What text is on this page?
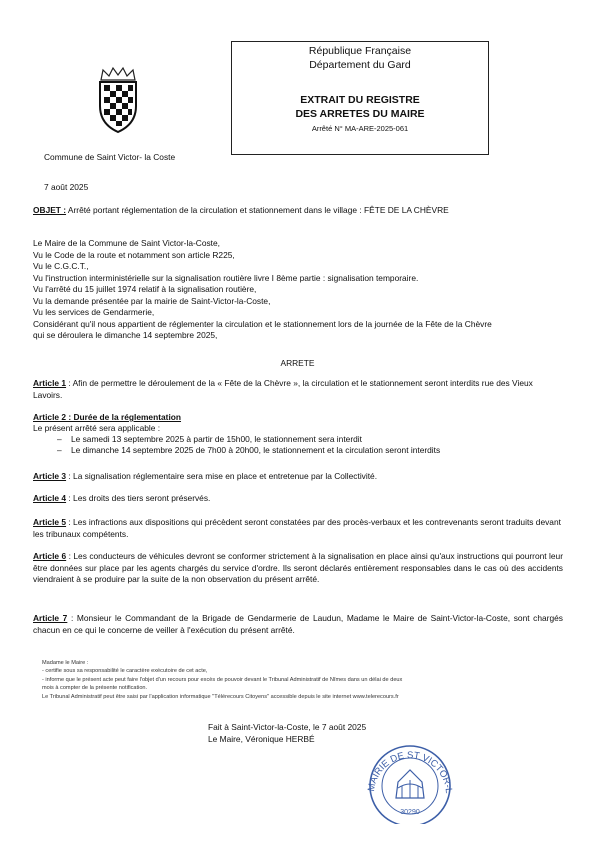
République Française
Département du Gard
EXTRAIT DU REGISTRE
DES ARRETES DU MAIRE
Arrêté N° MA-ARE-2025-061
Commune de Saint Victor- la Coste
7 août 2025
OBJET : Arrêté portant réglementation de la circulation et stationnement dans le village : FÊTE DE LA CHÈVRE
Le Maire de la Commune de Saint Victor-la-Coste,
Vu le Code de la route et notamment son article R225,
Vu le C.G.C.T.,
Vu l'instruction interministérielle sur la signalisation routière livre I 8ème partie : signalisation temporaire.
Vu l'arrêté du 15 juillet 1974 relatif à la signalisation routière,
Vu la demande présentée par la mairie de Saint-Victor-la-Coste,
Vu les services de Gendarmerie,
Considérant qu'il nous appartient de réglementer la circulation et le stationnement lors de la journée de la Fête de la Chèvre
qui se déroulera le dimanche 14 septembre 2025,
ARRETE
Article 1 : Afin de permettre le déroulement de la « Fête de la Chèvre », la circulation et le stationnement seront interdits rue des Vieux Lavoirs.
Article 2 : Durée de la réglementation
Le présent arrêté sera applicable :
–    Le samedi 13 septembre 2025 à partir de 15h00, le stationnement sera interdit
–    Le dimanche 14 septembre 2025 de 7h00 à 20h00, le stationnement et la circulation seront interdits
Article 3 : La signalisation réglementaire sera mise en place et entretenue par la Collectivité.
Article 4 : Les droits des tiers seront préservés.
Article 5 : Les infractions aux dispositions qui précèdent seront constatées par des procès-verbaux et les contrevenants seront traduits devant les tribunaux compétents.
Article 6 : Les conducteurs de véhicules devront se conformer strictement à la signalisation en place ainsi qu'aux instructions qui pourront leur être données sur place par les agents chargés du service d'ordre. Ils seront déclarés entièrement responsables dans le cas où des accidents viendraient à se produire par la suite de la non observation du présent arrêté.
Article 7 : Monsieur le Commandant de la Brigade de Gendarmerie de Laudun, Madame le Maire de Saint-Victor-la-Coste, sont chargés chacun en ce qui le concerne de veiller à l'exécution du présent arrêté.
Madame le Maire :
- certifie sous sa responsabilité le caractère exécutoire de cet acte,
- informe que le présent acte peut faire l'objet d'un recours pour excès de pouvoir devant le Tribunal Administratif de Nîmes dans un délai de deux
mois à compter de la présente notification.
Le Tribunal Administratif peut être saisi par l'application informatique "Télérecours Citoyens" accessible depuis le site internet www.telerecours.fr
Fait à Saint-Victor-la-Coste, le 7 août 2025
Le Maire, Véronique HERBÉ
MAIRIE DE ST VICTOR-L
30290
